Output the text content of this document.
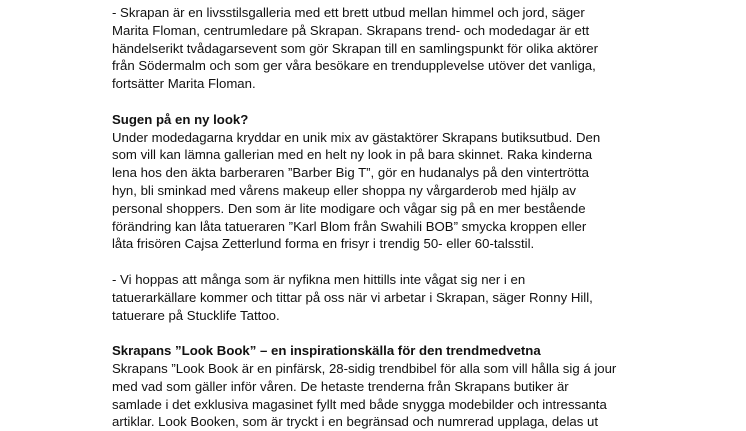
- Skrapan är en livsstilsgalleria med ett brett utbud mellan himmel och jord, säger
Marita Floman, centrumledare på Skrapan. Skrapans trend- och modedagar är ett
händelserikt tvådagarsevent som gör Skrapan till en samlingspunkt för olika aktörer
från Södermalm och som ger våra besökare en trendupplevelse utöver det vanliga,
fortsätter Marita Floman.

Sugen på en ny look?

Under modedagarna kryddar en unik mix av gästaktörer Skrapans butiksutbud. Den
som vill kan lämna gallerian med en helt ny look in på bara skinnet. Raka kinderna
lena hos den äkta barberaren ”Barber Big T”, gör en hudanalys på den vintertrötta
hyn, bli sminkad med vårens makeup eller shoppa ny vårgarderob med hjälp av
personal shoppers. Den som är lite modigare och vågar sig på en mer bestående
förändring kan låta tatueraren ”Karl Blom från Swahili BOB” smycka kroppen eller
låta frisören Cajsa Zetterlund forma en frisyr i trendig 50- eller 60-talsstil.

- Vi hoppas att många som är nyfikna men hittills inte vågat sig ner i en
tatuerarkällare kommer och tittar på oss när vi arbetar i Skrapan, säger Ronny Hill,
tatuerare på Stucklife Tattoo.

Skrapans ”Look Book” – en inspirationskälla för den trendmedvetna

Skrapans ”Look Book är en pinfärsk, 28-sidig trendbibel för alla som vill hålla sig á jour
med vad som gäller inför våren. De hetaste trenderna från Skrapans butiker är
samlade i det exklusiva magasinet fyllt med både snygga modebilder och intressanta
artiklar. Look Booken, som är tryckt i en begränsad och numrerad upplaga, delas ut
